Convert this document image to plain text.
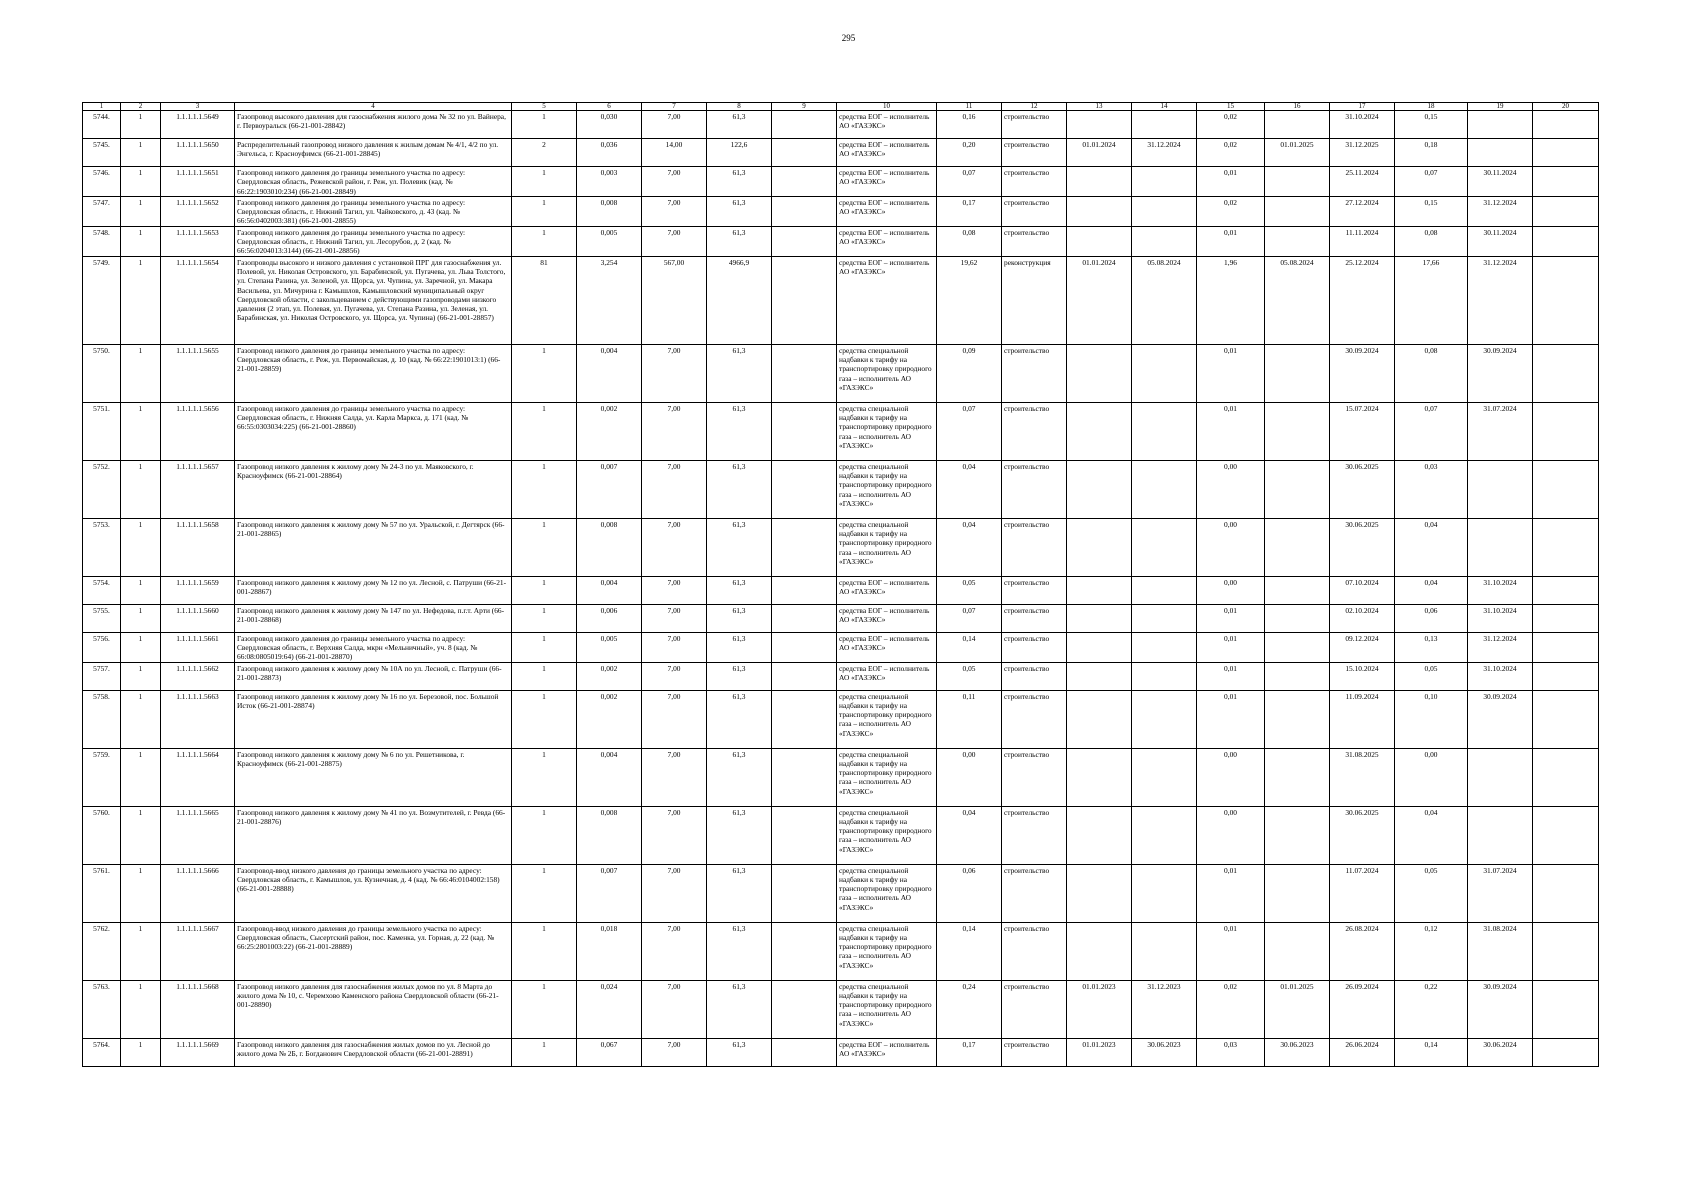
295
1	2	3	4	5	6	7	8	9	10	11	12	13	14	15	16	17	18	19	20
5744.	1	1.1.1.1.1.5649	Газопровод высокого давления для газоснабжения жилого дома № 32 по ул. Вайнера, г. Первоуральск (66-21-001-28842)	1	0,030	7,00	61,3		средства ЕОГ – исполнитель АО «ГАЗЭКС»	0,16	строительство			0,02		31.10.2024	0,15		
5745.	1	1.1.1.1.1.5650	Распределительный газопровод низкого давления к жилым домам № 4/1, 4/2 по ул. Энгельса, г. Красноуфимск (66-21-001-28845)	2	0,036	14,00	122,6		средства ЕОГ – исполнитель АО «ГАЗЭКС»	0,20	строительство	01.01.2024	31.12.2024	0,02	01.01.2025	31.12.2025	0,18		
5746.	1	1.1.1.1.1.5651	Газопровод низкого давления до границы земельного участка по адресу: Свердловская область, Режевской район, г. Реж, ул. Полевик (кад. № 66:22:1903010:234) (66-21-001-28849)	1	0,003	7,00	61,3		средства ЕОГ – исполнитель АО «ГАЗЭКС»	0,07	строительство			0,01		25.11.2024	0,07	30.11.2024	
5747.	1	1.1.1.1.1.5652	Газопровод низкого давления до границы земельного участка по адресу: Свердловская область, г. Нижний Тагил, ул. Чайковского, д. 43 (кад. № 66:56:0402003:381) (66-21-001-28855)	1	0,008	7,00	61,3		средства ЕОГ – исполнитель АО «ГАЗЭКС»	0,17	строительство			0,02		27.12.2024	0,15	31.12.2024	
5748.	1	1.1.1.1.1.5653	Газопровод низкого давления до границы земельного участка по адресу: Свердловская область, г. Нижний Тагил, ул. Лесорубов, д. 2 (кад. № 66:56:0204013:3144) (66-21-001-28856)	1	0,005	7,00	61,3		средства ЕОГ – исполнитель АО «ГАЗЭКС»	0,08	строительство			0,01		11.11.2024	0,08	30.11.2024	
5749.	1	1.1.1.1.1.5654	Газопроводы высокого и низкого давления с установкой ПРГ для газоснабжения ул. Полевой, ул. Николая Островского, ул. Барабинской, ул. Пугачева, ул. Льва Толстого, ул. Степана Разина, ул. Зеленой, ул. Щорса, ул. Чупина, ул. Заречной, ул. Макара Васильева, ул. Мичурина г. Камышлов, Камышловский муниципальный округ Свердловской области, с закольцеванием с действующими газопроводами низкого давления (2 этап, ул. Полевая, ул. Пугачева, ул. Степана Разина, ул. Зеленая, ул. Барабинская, ул. Николая Островского, ул. Щорса, ул. Чупина) (66-21-001-28857)	81	3,254	567,00	4966,9		средства ЕОГ – исполнитель АО «ГАЗЭКС»	19,62	реконструкция	01.01.2024	05.08.2024	1,96	05.08.2024	25.12.2024	17,66	31.12.2024	
5750.	1	1.1.1.1.1.5655	Газопровод низкого давления до границы земельного участка по адресу: Свердловская область, г. Реж, ул. Первомайская, д. 10 (кад. № 66:22:1901013:1) (66-21-001-28859)	1	0,004	7,00	61,3		средства специальной надбавки к тарифу на транспортировку природного газа – исполнитель АО «ГАЗЭКС»	0,09	строительство			0,01		30.09.2024	0,08	30.09.2024	
5751.	1	1.1.1.1.1.5656	Газопровод низкого давления до границы земельного участка по адресу: Свердловская область, г. Нижняя Салда, ул. Карла Маркса, д. 171 (кад. № 66:55:0303034:225) (66-21-001-28860)	1	0,002	7,00	61,3		средства специальной надбавки к тарифу на транспортировку природного газа – исполнитель АО «ГАЗЭКС»	0,07	строительство			0,01		15.07.2024	0,07	31.07.2024	
5752.	1	1.1.1.1.1.5657	Газопровод низкого давления к жилому дому № 24-3 по ул. Маяковского, г. Красноуфимск (66-21-001-28864)	1	0,007	7,00	61,3		средства специальной надбавки к тарифу на транспортировку природного газа – исполнитель АО «ГАЗЭКС»	0,04	строительство			0,00		30.06.2025	0,03		
5753.	1	1.1.1.1.1.5658	Газопровод низкого давления к жилому дому № 57 по ул. Уральской, г. Дегтярск (66-21-001-28865)	1	0,008	7,00	61,3		средства специальной надбавки к тарифу на транспортировку природного газа – исполнитель АО «ГАЗЭКС»	0,04	строительство			0,00		30.06.2025	0,04		
5754.	1	1.1.1.1.1.5659	Газопровод низкого давления к жилому дому № 12 по ул. Лесной, с. Патруши (66-21-001-28867)	1	0,004	7,00	61,3		средства ЕОГ – исполнитель АО «ГАЗЭКС»	0,05	строительство			0,00		07.10.2024	0,04	31.10.2024	
5755.	1	1.1.1.1.1.5660	Газопровод низкого давления к жилому дому № 147 по ул. Нефедова, п.г.т. Арти (66-21-001-28868)	1	0,006	7,00	61,3		средства ЕОГ – исполнитель АО «ГАЗЭКС»	0,07	строительство			0,01		02.10.2024	0,06	31.10.2024	
5756.	1	1.1.1.1.1.5661	Газопровод низкого давления до границы земельного участка по адресу: Свердловская область, г. Верхняя Салда, мкрн «Мельничный», уч. 8 (кад. № 66:08:0805019:64) (66-21-001-28870)	1	0,005	7,00	61,3		средства ЕОГ – исполнитель АО «ГАЗЭКС»	0,14	строительство			0,01		09.12.2024	0,13	31.12.2024	
5757.	1	1.1.1.1.1.5662	Газопровод низкого давления к жилому дому № 10А по ул. Лесной, с. Патруши (66-21-001-28873)	1	0,002	7,00	61,3		средства ЕОГ – исполнитель АО «ГАЗЭКС»	0,05	строительство			0,01		15.10.2024	0,05	31.10.2024	
5758.	1	1.1.1.1.1.5663	Газопровод низкого давления к жилому дому № 16 по ул. Березовой, пос. Большой Исток (66-21-001-28874)	1	0,002	7,00	61,3		средства специальной надбавки к тарифу на транспортировку природного газа – исполнитель АО «ГАЗЭКС»	0,11	строительство			0,01		11.09.2024	0,10	30.09.2024	
5759.	1	1.1.1.1.1.5664	Газопровод низкого давления к жилому дому № 6 по ул. Решетникова, г. Красноуфимск (66-21-001-28875)	1	0,004	7,00	61,3		средства специальной надбавки к тарифу на транспортировку природного газа – исполнитель АО «ГАЗЭКС»	0,00	строительство			0,00		31.08.2025	0,00		
5760.	1	1.1.1.1.1.5665	Газопровод низкого давления к жилому дому № 41 по ул. Возмутителей, г. Ревда (66-21-001-28876)	1	0,008	7,00	61,3		средства специальной надбавки к тарифу на транспортировку природного газа – исполнитель АО «ГАЗЭКС»	0,04	строительство			0,00		30.06.2025	0,04		
5761.	1	1.1.1.1.1.5666	Газопровод-ввод низкого давления до границы земельного участка по адресу: Свердловская область, г. Камышлов, ул. Кузнечная, д. 4 (кад. № 66:46:0104002:158) (66-21-001-28888)	1	0,007	7,00	61,3		средства специальной надбавки к тарифу на транспортировку природного газа – исполнитель АО «ГАЗЭКС»	0,06	строительство			0,01		11.07.2024	0,05	31.07.2024	
5762.	1	1.1.1.1.1.5667	Газопровод-ввод низкого давления до границы земельного участка по адресу: Свердловская область, Сысертский район, пос. Каменка, ул. Горная, д. 22 (кад. № 66:25:2801003:22) (66-21-001-28889)	1	0,018	7,00	61,3		средства специальной надбавки к тарифу на транспортировку природного газа – исполнитель АО «ГАЗЭКС»	0,14	строительство			0,01		26.08.2024	0,12	31.08.2024	
5763.	1	1.1.1.1.1.5668	Газопровод низкого давления для газоснабжения жилых домов по ул. 8 Марта до жилого дома № 10, с. Черемхово Каменского района Свердловской области (66-21-001-28890)	1	0,024	7,00	61,3		средства специальной надбавки к тарифу на транспортировку природного газа – исполнитель АО «ГАЗЭКС»	0,24	строительство	01.01.2023	31.12.2023	0,02	01.01.2025	26.09.2024	0,22	30.09.2024	
5764.	1	1.1.1.1.1.5669	Газопровод низкого давления для газоснабжения жилых домов по ул. Лесной до жилого дома № 2Б, г. Богданович Свердловской области (66-21-001-28891)	1	0,067	7,00	61,3		средства ЕОГ – исполнитель АО «ГАЗЭКС»	0,17	строительство	01.01.2023	30.06.2023	0,03	30.06.2023	26.06.2024	0,14	30.06.2024	
